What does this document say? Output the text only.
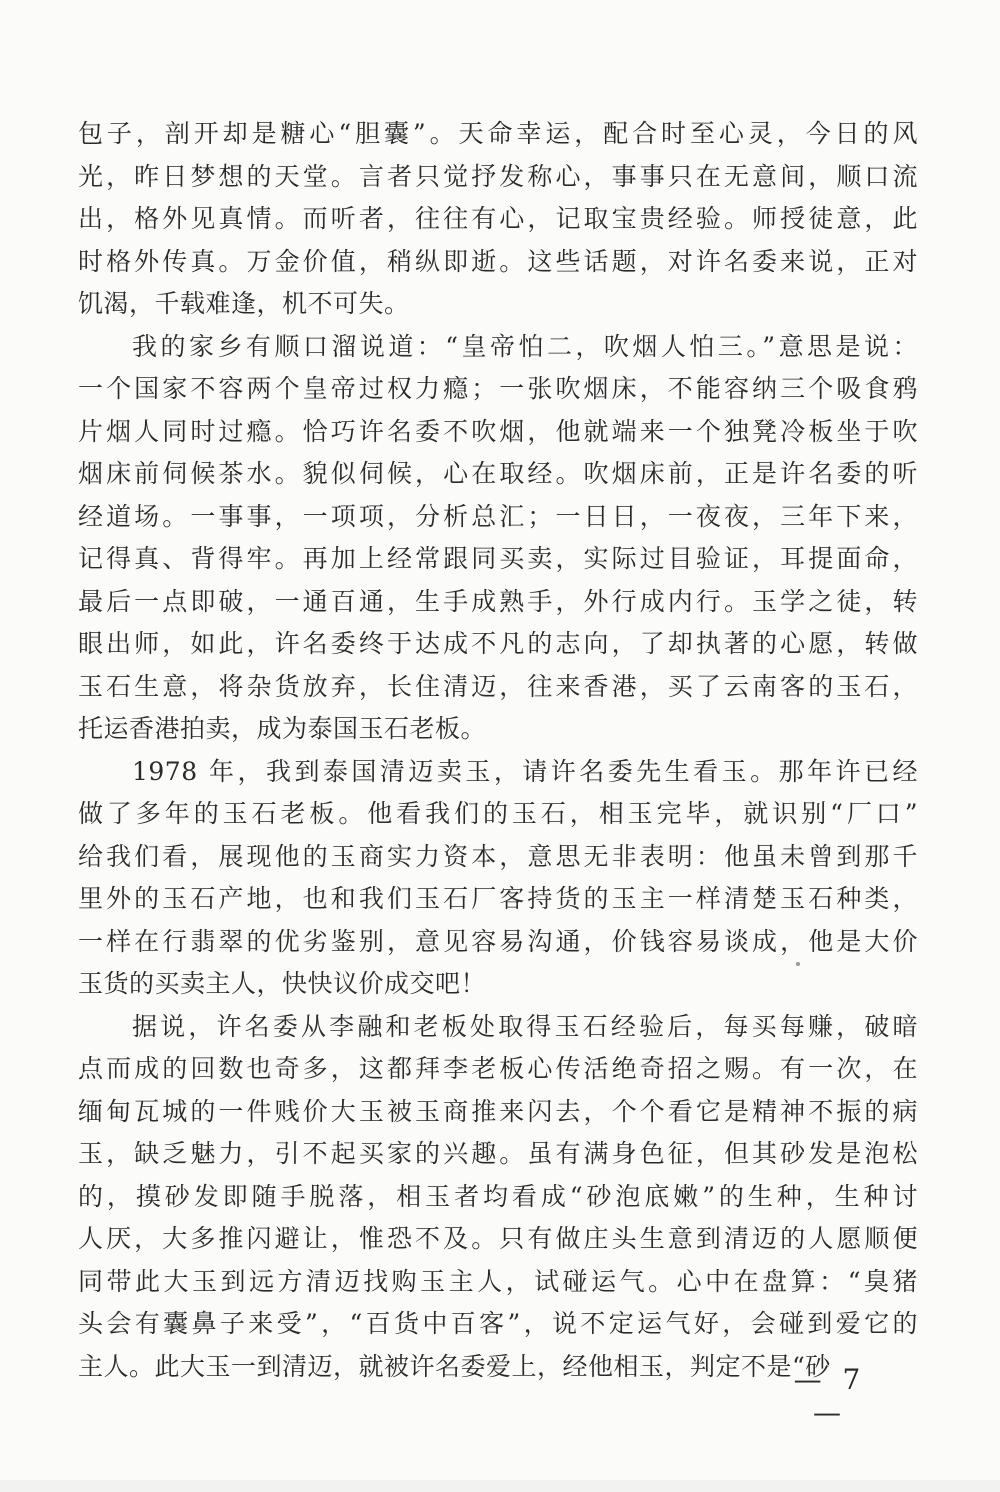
包子，剖开却是糖心“胆囊”。天命幸运，配合时至心灵，今日的风
光，昨日梦想的天堂。言者只觉抒发称心，事事只在无意间，顺口流
出，格外见真情。而听者，往往有心，记取宝贵经验。师授徒意，此
时格外传真。万金价值，稍纵即逝。这些话题，对许名委来说，正对
饥渴，千载难逢，机不可失。
我的家乡有顺口溜说道：“皇帝怕二，吹烟人怕三。”意思是说：
一个国家不容两个皇帝过权力瘾；一张吹烟床，不能容纳三个吸食鸦
片烟人同时过瘾。恰巧许名委不吹烟，他就端来一个独凳冷板坐于吹
烟床前伺候茶水。貌似伺候，心在取经。吹烟床前，正是许名委的听
经道场。一事事，一项项，分析总汇；一日日，一夜夜，三年下来，
记得真、背得牢。再加上经常跟同买卖，实际过目验证，耳提面命，
最后一点即破，一通百通，生手成熟手，外行成内行。玉学之徒，转
眼出师，如此，许名委终于达成不凡的志向，了却执著的心愿，转做
玉石生意，将杂货放弃，长住清迈，往来香港，买了云南客的玉石，
托运香港拍卖，成为泰国玉石老板。
1978 年，我到泰国清迈卖玉，请许名委先生看玉。那年许已经
做了多年的玉石老板。他看我们的玉石，相玉完毕，就识别“厂口”
给我们看，展现他的玉商实力资本，意思无非表明：他虽未曾到那千
里外的玉石产地，也和我们玉石厂客持货的玉主一样清楚玉石种类，
一样在行翡翠的优劣鉴别，意见容易沟通，价钱容易谈成，他是大价
玉货的买卖主人，快快议价成交吧！
据说，许名委从李融和老板处取得玉石经验后，每买每赚，破暗
点而成的回数也奇多，这都拜李老板心传活绝奇招之赐。有一次，在
缅甸瓦城的一件贱价大玉被玉商推来闪去，个个看它是精神不振的病
玉，缺乏魅力，引不起买家的兴趣。虽有满身色征，但其砂发是泡松
的，摸砂发即随手脱落，相玉者均看成“砂泡底嫩”的生种，生种讨
人厌，大多推闪避让，惟恐不及。只有做庄头生意到清迈的人愿顺便
同带此大玉到远方清迈找购玉主人，试碰运气。心中在盘算：“臭猪
头会有囊鼻子来受”，“百货中百客”，说不定运气好，会碰到爱它的
主人。此大玉一到清迈，就被许名委爱上，经他相玉，判定不是“砂
— 7 —
